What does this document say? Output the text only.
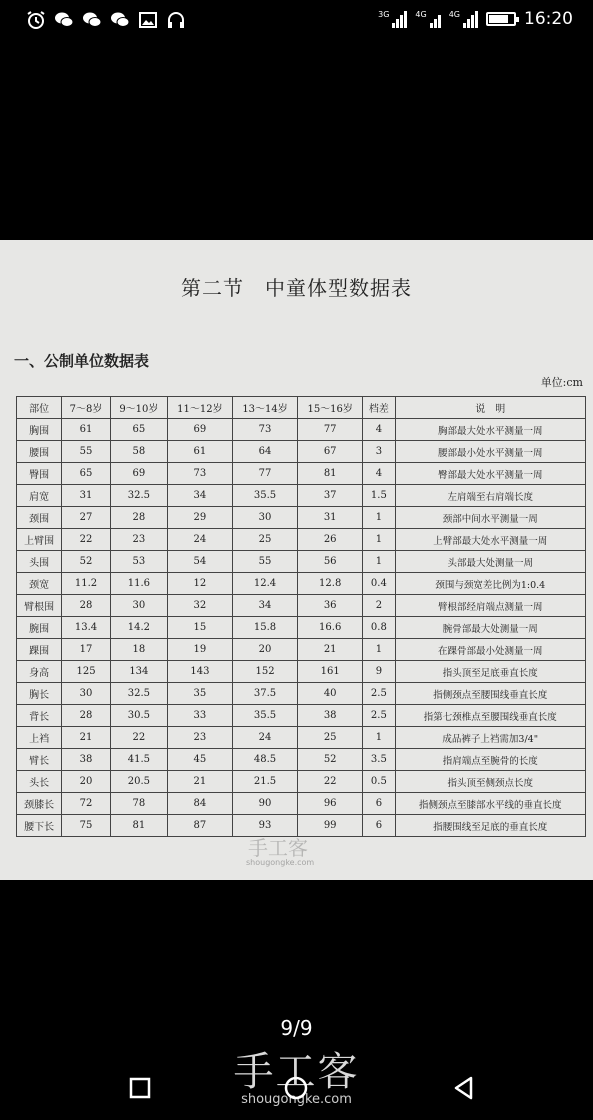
3G	4G	4G	16:20
第二节　中童体型数据表
一、公制单位数据表
单位:cm
部位	7～8岁	9～10岁	11～12岁	13～14岁	15～16岁	档差	说　明
胸围	61	65	69	73	77	4	胸部最大处水平测量一周
腰围	55	58	61	64	67	3	腰部最小处水平测量一周
臀围	65	69	73	77	81	4	臀部最大处水平测量一周
肩宽	31	32.5	34	35.5	37	1.5	左肩端至右肩端长度
颈围	27	28	29	30	31	1	颈部中间水平测量一周
上臂围	22	23	24	25	26	1	上臂部最大处水平测量一周
头围	52	53	54	55	56	1	头部最大处测量一周
颈宽	11.2	11.6	12	12.4	12.8	0.4	颈围与颈宽差比例为1:0.4
臂根围	28	30	32	34	36	2	臂根部经肩端点测量一周
腕围	13.4	14.2	15	15.8	16.6	0.8	腕骨部最大处测量一周
踝围	17	18	19	20	21	1	在踝骨部最小处测量一周
身高	125	134	143	152	161	9	指头顶至足底垂直长度
胸长	30	32.5	35	37.5	40	2.5	指侧颈点至腰围线垂直长度
背长	28	30.5	33	35.5	38	2.5	指第七颈椎点至腰围线垂直长度
上裆	21	22	23	24	25	1	成品裤子上裆需加3/4"
臂长	38	41.5	45	48.5	52	3.5	指肩端点至腕骨的长度
头长	20	20.5	21	21.5	22	0.5	指头顶至侧颈点长度
颈膝长	72	78	84	90	96	6	指侧颈点至膝部水平线的垂直长度
腰下长	75	81	87	93	99	6	指腰围线至足底的垂直长度
手工客
shougongke.com
9/9
手工客
shougongke.com
